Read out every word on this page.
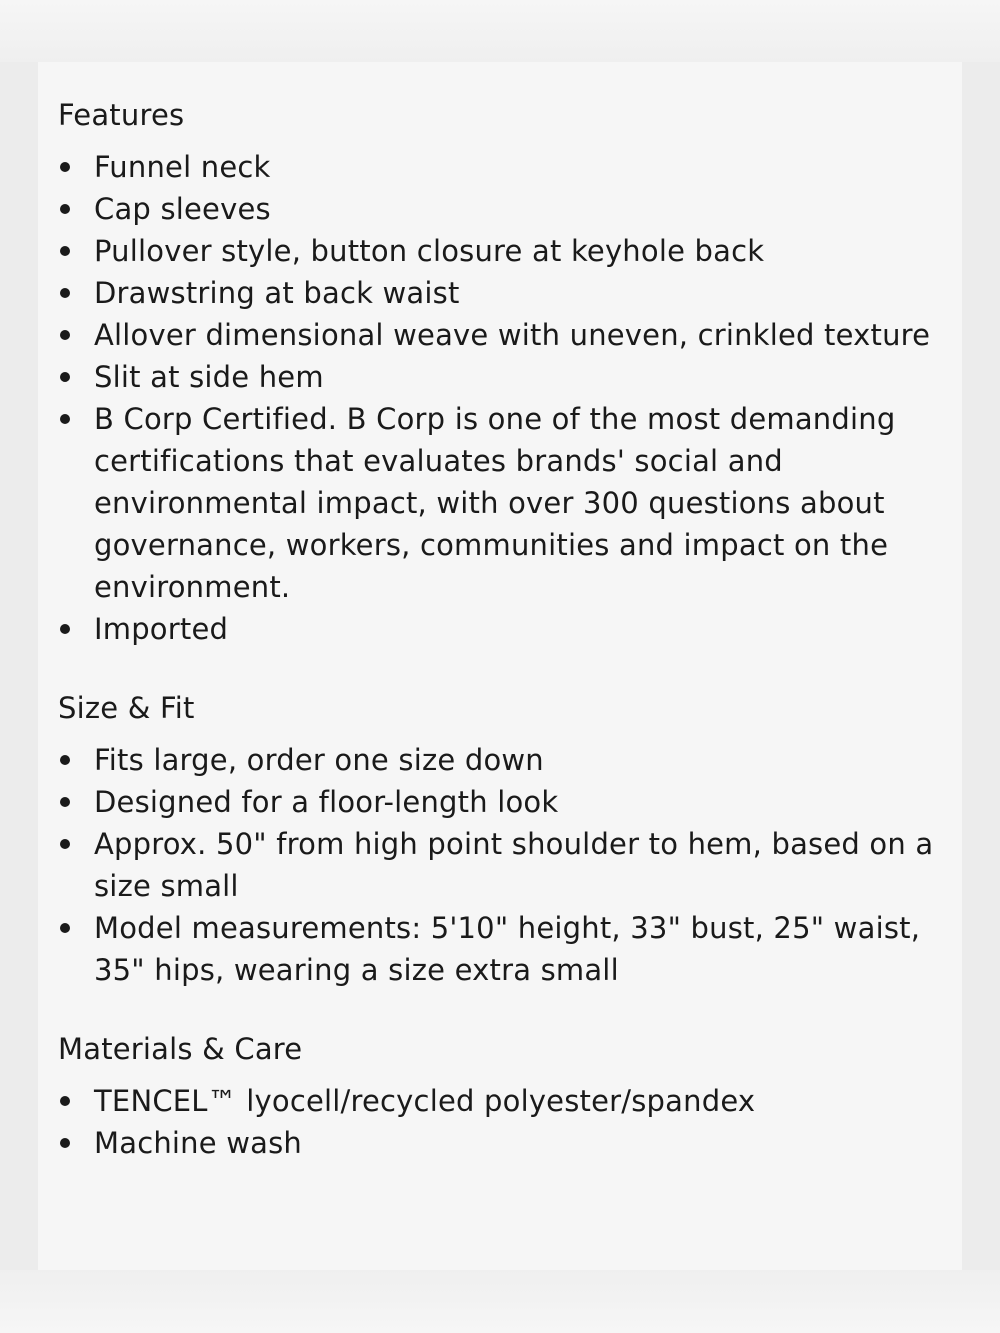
Features
Funnel neck
Cap sleeves
Pullover style, button closure at keyhole back
Drawstring at back waist
Allover dimensional weave with uneven, crinkled texture
Slit at side hem
B Corp Certified. B Corp is one of the most demanding certifications that evaluates brands' social and environmental impact, with over 300 questions about governance, workers, communities and impact on the environment.
Imported
Size & Fit
Fits large, order one size down
Designed for a floor-length look
Approx. 50" from high point shoulder to hem, based on a size small
Model measurements: 5'10" height, 33" bust, 25" waist, 35" hips, wearing a size extra small
Materials & Care
TENCEL™ lyocell/recycled polyester/spandex
Machine wash
